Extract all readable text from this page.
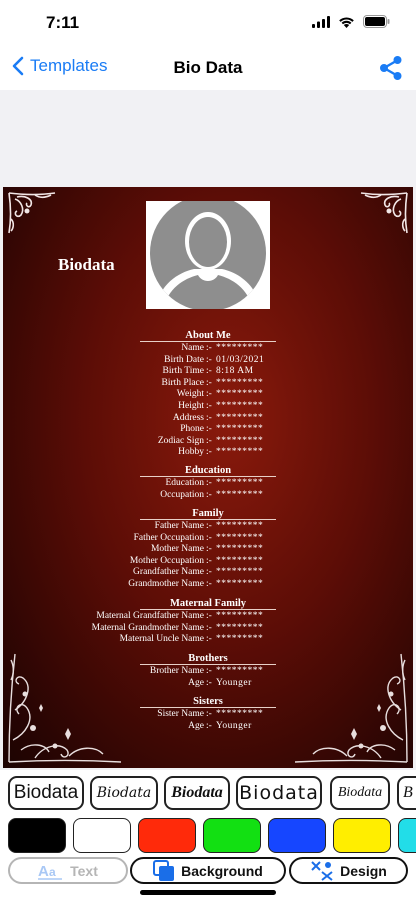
7:11
Templates	Bio Data
Biodata
About Me
Name :- *********
Birth Date :- 01/03/2021
Birth Time :- 8:18 AM
Birth Place :- *********
Weight :- *********
Height :- *********
Address :- *********
Phone :- *********
Zodiac Sign :- *********
Hobby :- *********
Education
Education :- *********
Occupation :- *********
Family
Father Name :- *********
Father Occupation :- *********
Mother Name :- *********
Mother Occupation :- *********
Grandfather Name :- *********
Grandmother Name :- *********
Maternal Family
Maternal Grandfather Name :- *********
Maternal Grandmother Name :- *********
Maternal Uncle Name :- *********
Brothers
Brother Name :- *********
Age :- Younger
Sisters
Sister Name :- *********
Age :- Younger
Biodata Biodata Biodata Biodata Biodata B
A a Text	Background	Design
